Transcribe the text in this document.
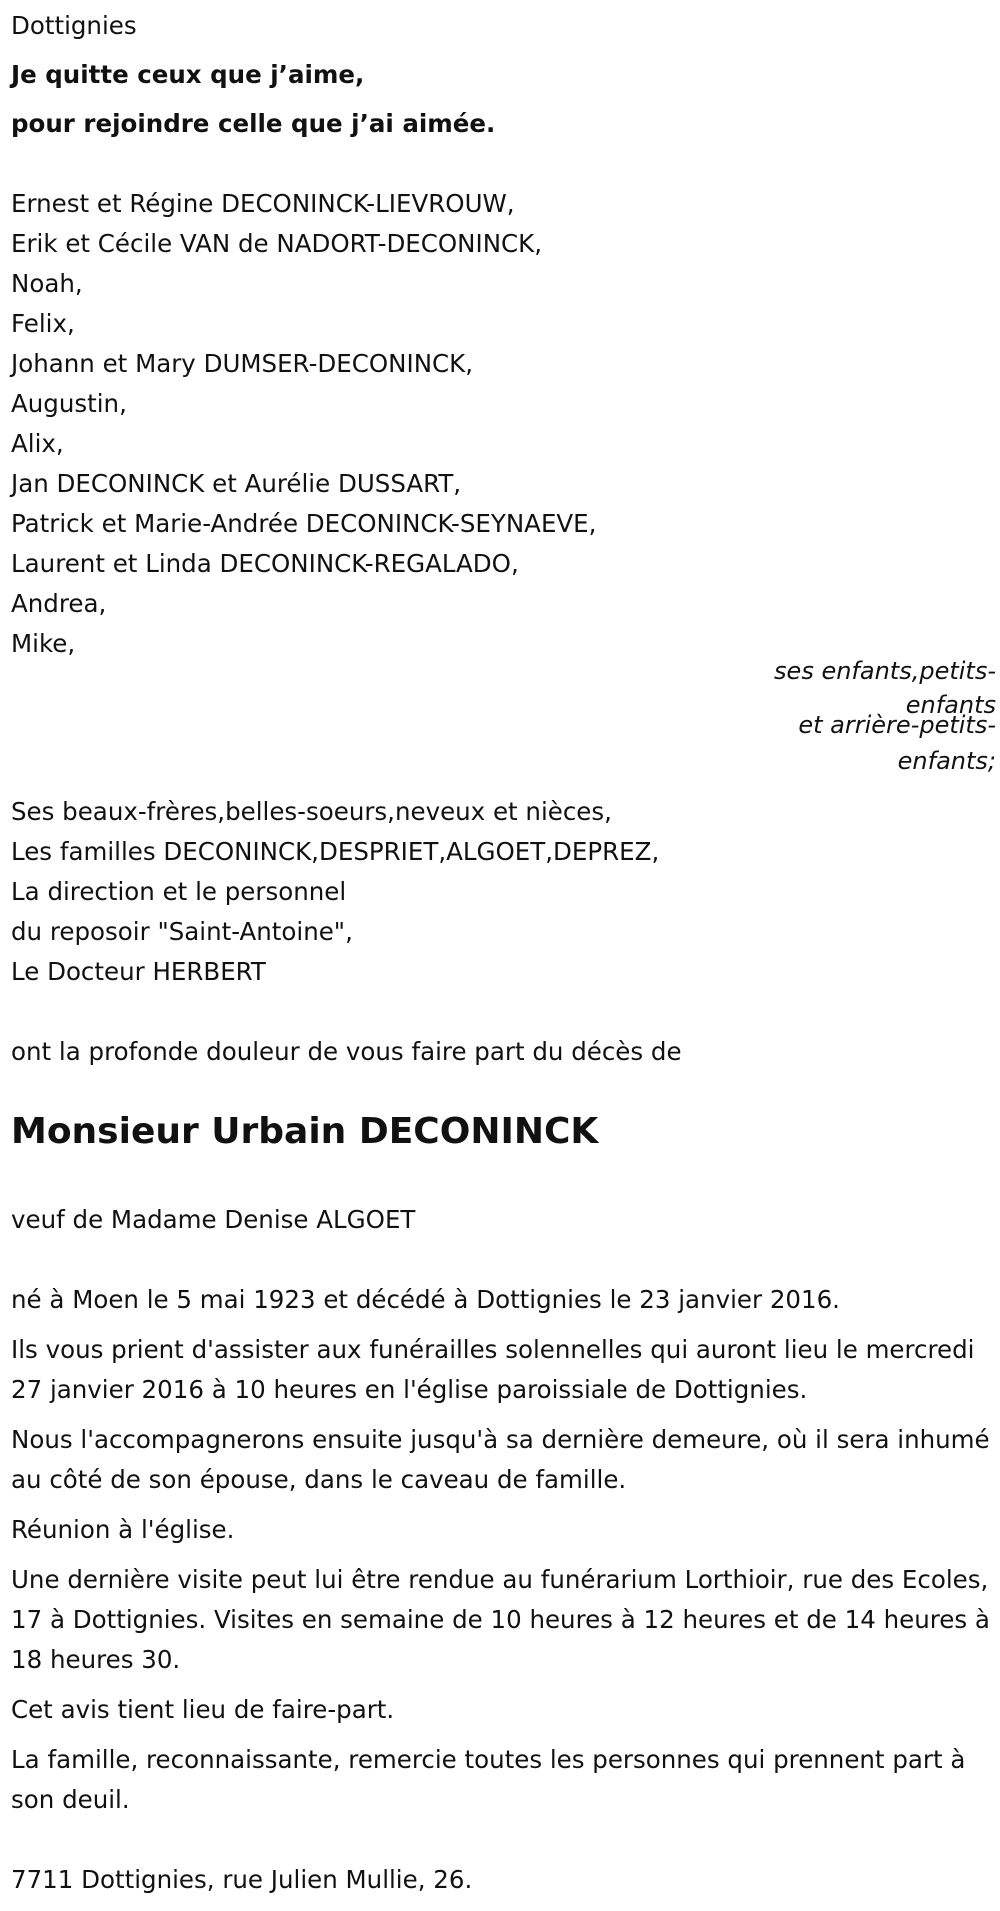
Dottignies

Je quitte ceux que j’aime,

pour rejoindre celle que j’ai aimée.

Ernest et Régine DECONINCK-LIEVROUW,

Erik et Cécile VAN de NADORT-DECONINCK,

Noah,

Felix,

Johann et Mary DUMSER-DECONINCK,

Augustin,

Alix,

Jan DECONINCK et Aurélie DUSSART,

Patrick et Marie-Andrée DECONINCK-SEYNAEVE,

Laurent et Linda DECONINCK-REGALADO,

Andrea,

Mike,

ses enfants,petits-
enfants
et arrière-petits-
enfants;

Ses beaux-frères,belles-soeurs,neveux et nièces,

Les familles DECONINCK,DESPRIET,ALGOET,DEPREZ,

La direction et le personnel

du reposoir "Saint-Antoine",

Le Docteur HERBERT

ont la profonde douleur de vous faire part du décès de

Monsieur Urbain DECONINCK

veuf de Madame Denise ALGOET

né à Moen le 5 mai 1923 et décédé à Dottignies le 23 janvier 2016.

Ils vous prient d'assister aux funérailles solennelles qui auront lieu le mercredi 27 janvier 2016 à 10 heures en l'église paroissiale de Dottignies.

Nous l'accompagnerons ensuite jusqu'à sa dernière demeure, où il sera inhumé au côté de son épouse, dans le caveau de famille.

Réunion à l'église.

Une dernière visite peut lui être rendue au funérarium Lorthioir, rue des Ecoles, 17 à Dottignies. Visites en semaine de 10 heures à 12 heures et de 14 heures à 18 heures 30.

Cet avis tient lieu de faire-part.

La famille, reconnaissante, remercie toutes les personnes qui prennent part à son deuil.

7711 Dottignies, rue Julien Mullie, 26.
